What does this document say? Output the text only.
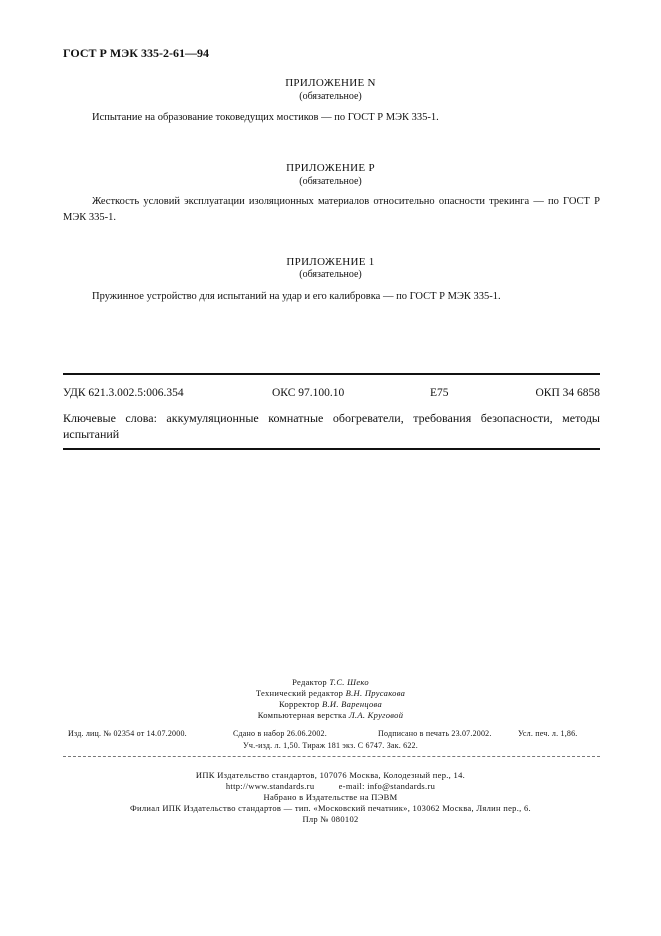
ГОСТ Р МЭК 335-2-61—94
ПРИЛОЖЕНИЕ N
(обязательное)
Испытание на образование токоведущих мостиков — по ГОСТ Р МЭК 335-1.
ПРИЛОЖЕНИЕ Р
(обязательное)
Жесткость условий эксплуатации изоляционных материалов относительно опасности трекинга — по ГОСТ Р МЭК 335-1.
ПРИЛОЖЕНИЕ 1
(обязательное)
Пружинное устройство для испытаний на удар и его калибровка — по ГОСТ Р МЭК 335-1.
УДК 621.3.002.5:006.354	ОКС 97.100.10	Е75	ОКП 34 6858
Ключевые слова: аккумуляционные комнатные обогреватели, требования безопасности, методы испытаний
Редактор Т.С. Шеко
Технический редактор В.Н. Прусакова
Корректор В.И. Варенцова
Компьютерная верстка Л.А. Круговой
Изд. лиц. № 02354 от 14.07.2000.	Сдано в набор 26.06.2002.	Подписано в печать 23.07.2002.	Усл. печ. л. 1,86.
Уч.-изд. л. 1,50. Тираж 181 экз. С 6747. Зак. 622.
ИПК Издательство стандартов, 107076 Москва, Колодезный пер., 14.
http://www.standards.ru          e-mail: info@standards.ru
Набрано в Издательстве на ПЭВМ
Филиал ИПК Издательство стандартов — тип. «Московский печатник», 103062 Москва, Лялин пер., 6.
Плр № 080102
